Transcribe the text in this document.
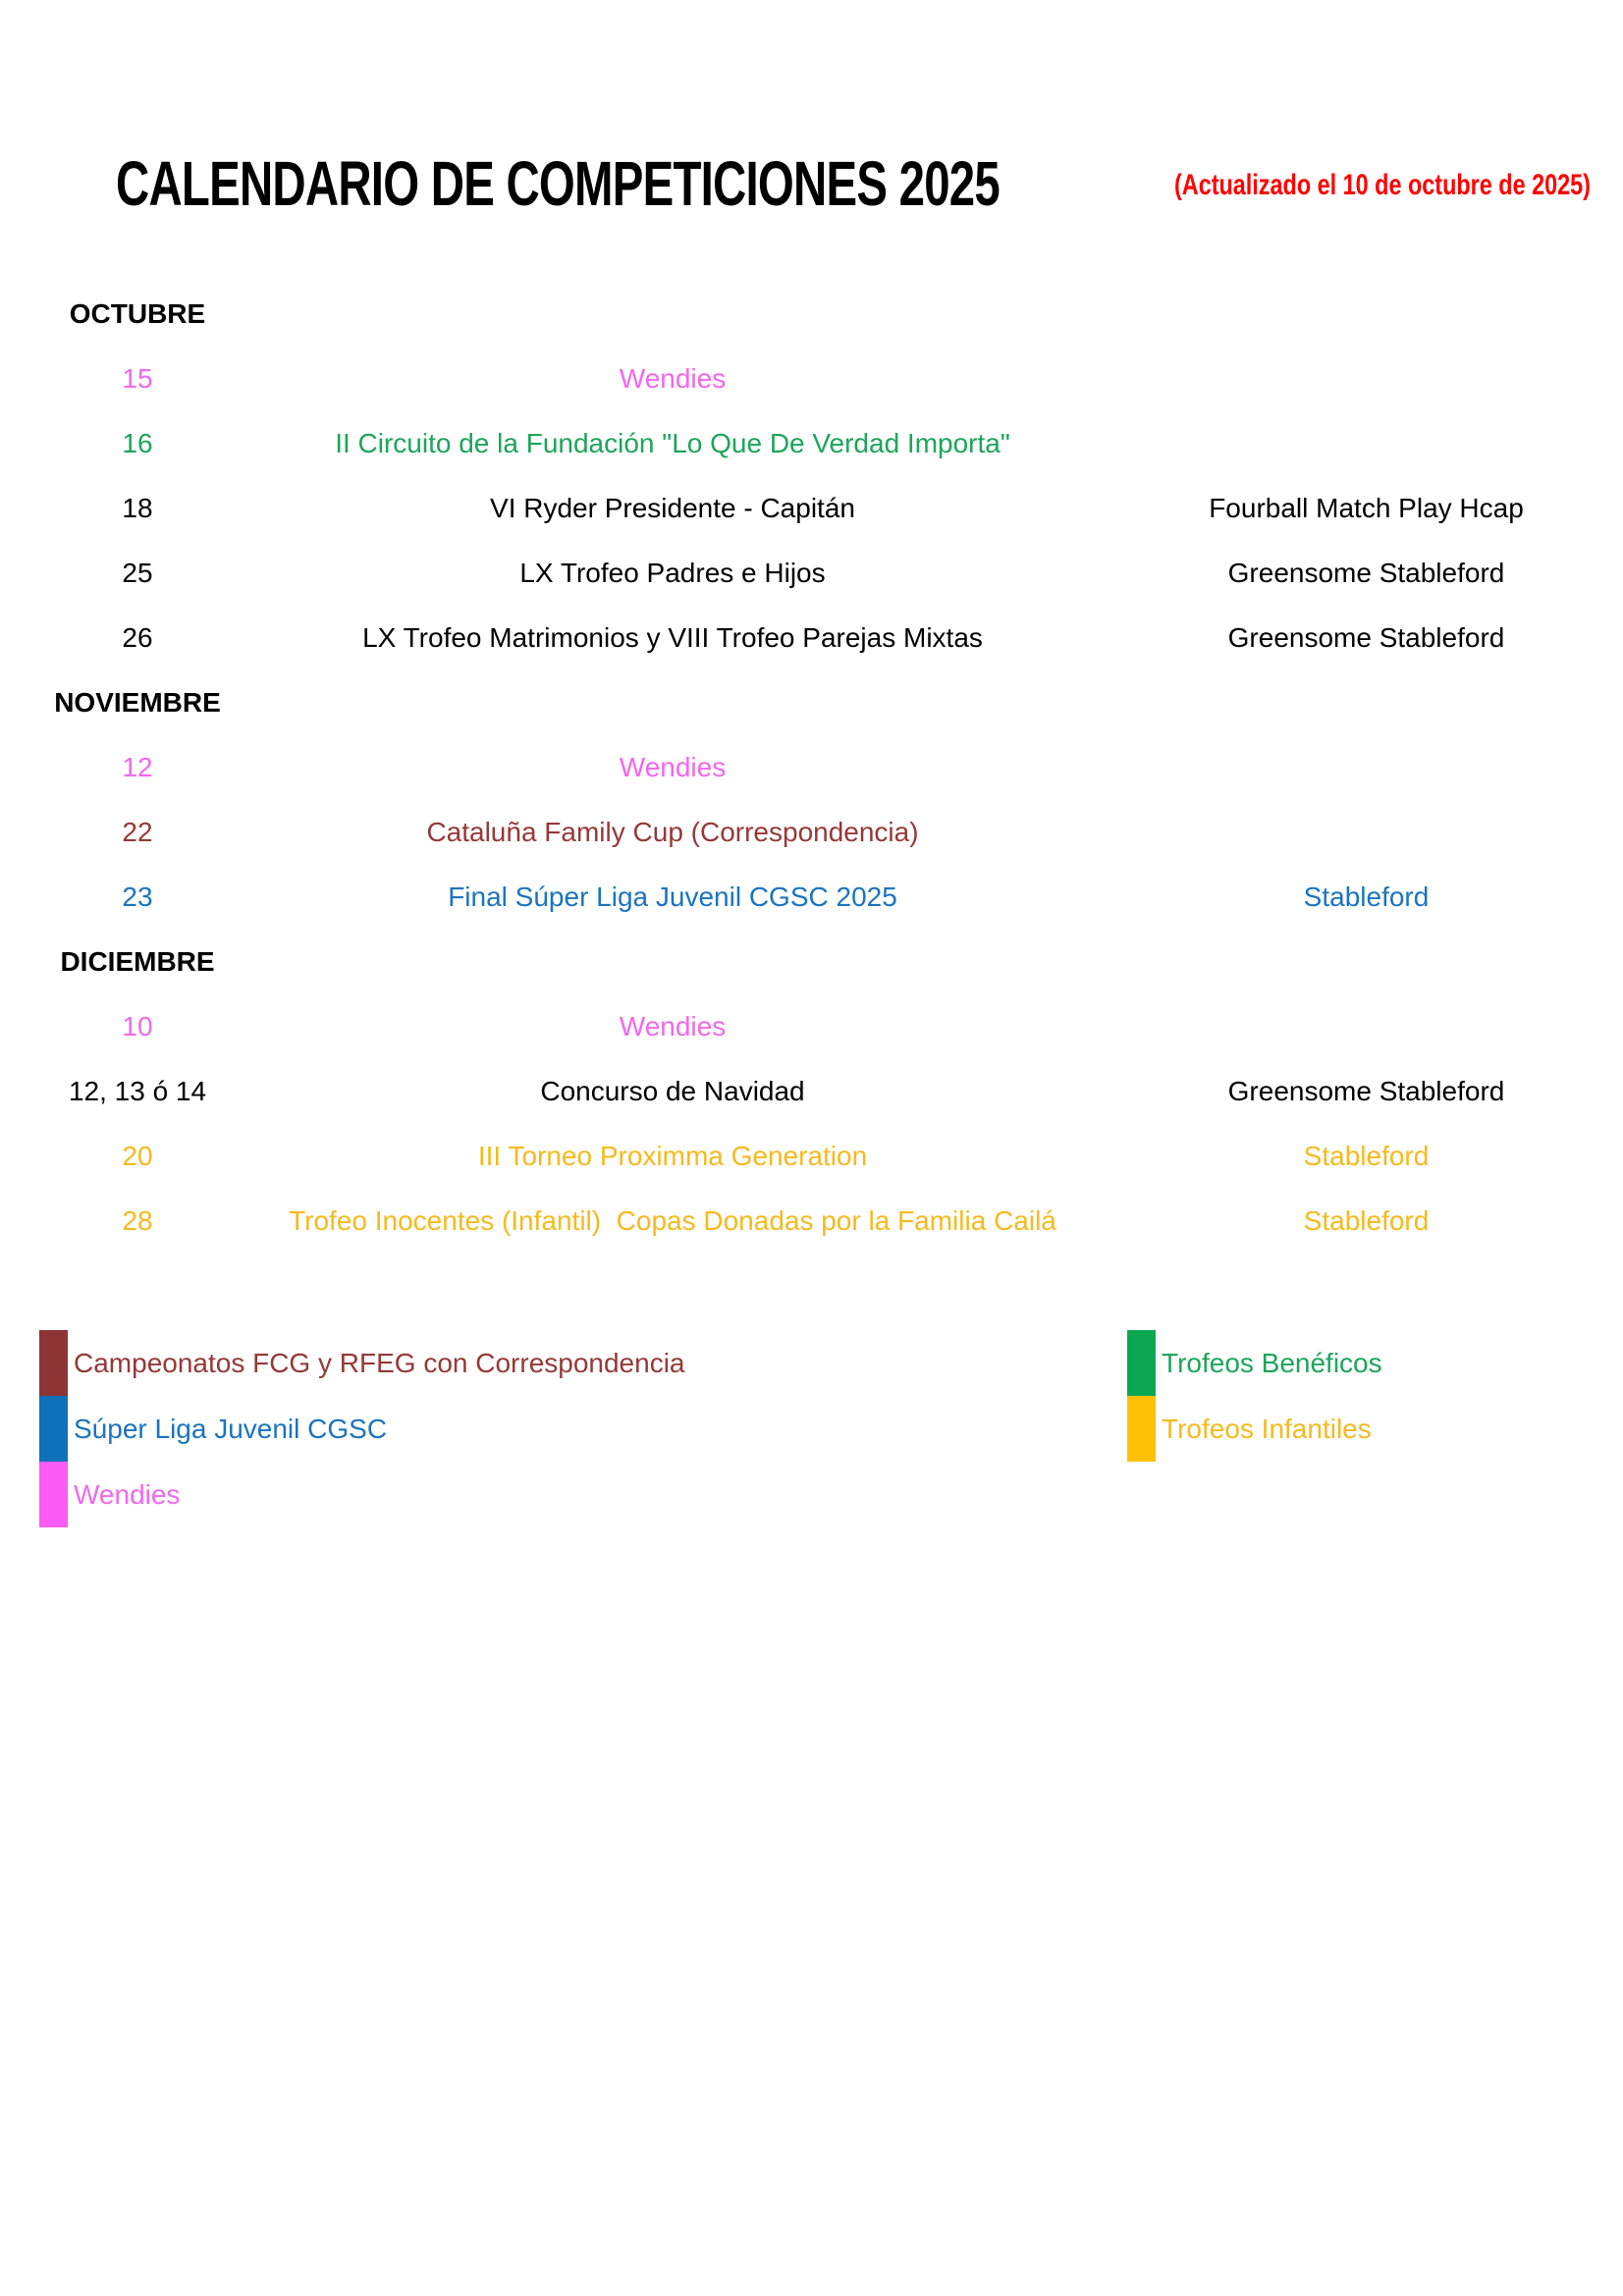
CALENDARIO DE COMPETICIONES 2025	(Actualizado el 10 de octubre de 2025)
OCTUBRE
15	Wendies
16	II Circuito de la Fundación "Lo Que De Verdad Importa"
18	VI Ryder Presidente - Capitán	Fourball Match Play Hcap
25	LX Trofeo Padres e Hijos	Greensome Stableford
26	LX Trofeo Matrimonios y VIII Trofeo Parejas Mixtas	Greensome Stableford
NOVIEMBRE
12	Wendies
22	Cataluña Family Cup (Correspondencia)
23	Final Súper Liga Juvenil CGSC 2025	Stableford
DICIEMBRE
10	Wendies
12, 13 ó 14	Concurso de Navidad	Greensome Stableford
20	III Torneo Proximma Generation	Stableford
28	Trofeo Inocentes (Infantil)  Copas Donadas por la Familia Cailá	Stableford
Campeonatos FCG y RFEG con Correspondencia
Súper Liga Juvenil CGSC
Wendies
Trofeos Benéficos
Trofeos Infantiles
